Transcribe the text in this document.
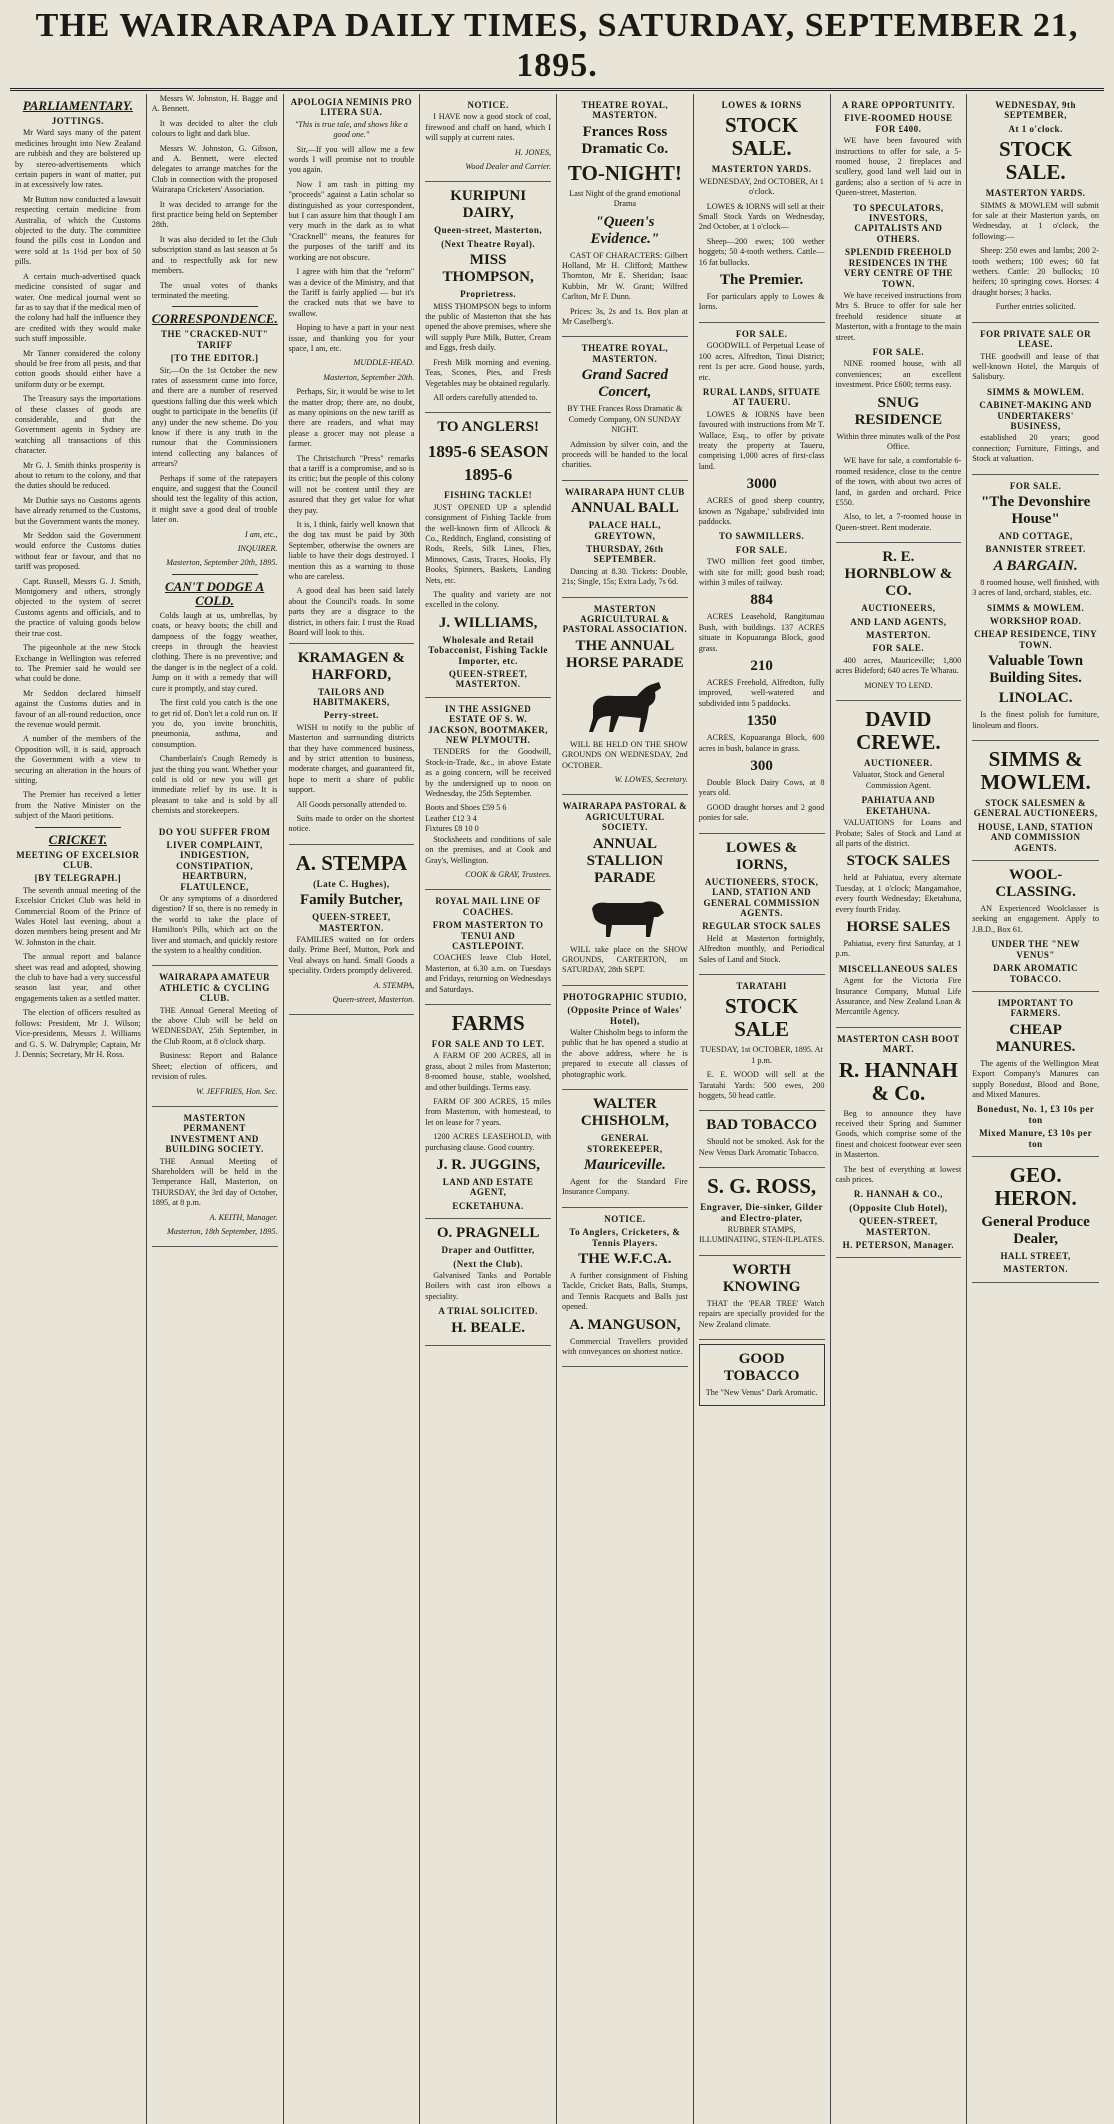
THE WAIRARAPA DAILY TIMES, SATURDAY, SEPTEMBER 21, 1895.
PARLIAMENTARY.
JOTTINGS.

Mr Ward says many of the patent medicines brought into New Zealand are rubbish and they are bolstered up by stereo-advertisements which certain papers in want of matter, put in at excessively low rates.

Mr Button now conducted a lawsuit respecting certain medicine from Australia, of which the Customs objected to the duty. The committee found the pills cost in London and were sold at 1s 1½d per box of 50 pills.

A certain much-advertised quack medicine consisted of sugar and water. One medical journal went so far as to say that if the medical men of the colony had half the influence they are credited with they would make such stuff impossible.

Mr Tanner considered the colony should be free from all pests, and that cotton goods should either have a uniform duty or be exempt.

The Treasury says the importations of these classes of goods are considerable, and that the Government agents in Sydney are watching all transactions of this character.

Mr G. J. Smith thinks prosperity is about to return to the colony, and that the duties should be reduced.

Mr Duthie says no Customs agents have already returned to the Customs, but the Government wants the money.

Mr Seddon said the Government would enforce the Customs duties without fear or favour, and that no tariff was proposed.

Capt. Russell, Messrs G. J. Smith, Montgomery and others, strongly objected to the system of secret Customs agents and officials, and to the practice of valuing goods below their true cost.

The pigeonhole at the new Stock Exchange in Wellington was referred to. The Premier said he would see what could be done.

Mr Seddon declared himself against the Customs duties and in favour of an all-round reduction, once the revenue would permit.

A number of the members of the Opposition will, it is said, approach the Government with a view to securing an alteration in the hours of sitting.

The Premier has received a letter from the Native Minister on the subject of the Maori petitions.

CRICKET.
MEETING OF EXCELSIOR CLUB.
[BY TELEGRAPH.]

The seventh annual meeting of the Excelsior Cricket Club was held in Commercial Room of the Prince of Wales Hotel last evening, about a dozen members being present and Mr W. Johnston in the chair.

The annual report and balance sheet was read and adopted, showing the club to have had a very successful season last year, and other engagements taken as a settled matter.

The election of officers resulted as follows: President, Mr J. Wilson; Vice-presidents, Messrs J. Williams and G. S. W. Dalrymple; Captain, Mr J. Dennis; Secretary, Mr H. Ross.

Messrs W. Johnston, H. Bagge and A. Bennett.

It was decided to alter the club colours to light and dark blue.

Messrs W. Johnston, G. Gibson, and A. Bennett, were elected delegates to arrange matches for the Club in connection with the proposed Wairarapa Cricketers' Association.

It was decided to arrange for the first practice being held on September 28th.

It was also decided to let the Club subscription stand as last season at 5s and to respectfully ask for new members.

The usual votes of thanks terminated the meeting.

CORRESPONDENCE.
THE "CRACKED-NUT" TARIFF
[TO THE EDITOR.]

Sir,—On the 1st October the new rates of assessment came into force, and there are a number of reserved questions falling due this week which ought to participate in the benefits (if any) under the new scheme. Do you know if there is any truth in the rumour that the Commissioners intend collecting any balances of arrears?

Perhaps if some of the ratepayers enquire, and suggest that the Council should test the legality of this action, it might save a good deal of trouble later on.

I am, etc.,
INQUIRER.
Masterton, September 20th, 1895.
CAN'T DODGE A COLD.

Colds laugh at us, umbrellas, by coats, or heavy boots; the chill and dampness of the foggy weather, creeps in through the heaviest clothing. There is no preventive; and the danger is in the neglect of a cold. Jump on it with a remedy that will cure it promptly, and stay cured.

The first cold you catch is the one to get rid of. Don't let a cold run on. If you do, you invite bronchitis, pneumonia, asthma, and consumption.

Chamberlain's Cough Remedy is just the thing you want. Whether your cold is old or new you will get immediate relief by its use. It is pleasant to take and is sold by all chemists and storekeepers.

DO YOU SUFFER FROM
LIVER COMPLAINT, INDIGESTION, CONSTIPATION, HEARTBURN, FLATULENCE,

Or any symptoms of a disordered digestion? If so, there is no remedy in the world to take the place of Hamilton's Pills, which act on the liver and stomach, and quickly restore the system to a healthy condition.

WAIRARAPA AMATEUR ATHLETIC & CYCLING CLUB.

THE Annual General Meeting of the above Club will be held on WEDNESDAY, 25th September, in the Club Room, at 8 o'clock sharp.

Business: Report and Balance Sheet; election of officers, and revision of rules.

W. JEFFRIES, Hon. Sec.
MASTERTON PERMANENT INVESTMENT AND BUILDING SOCIETY.

THE Annual Meeting of Shareholders will be held in the Temperance Hall, Masterton, on THURSDAY, the 3rd day of October, 1895, at 8 p.m.

A. KEITH, Manager.
Masterton, 18th September, 1895.
APOLOGIA NEMINIS PRO LITERA SUA.

"This is true tale, and shows like a good one."

Sir,—If you will allow me a few words I will promise not to trouble you again.

Now I am rash in pitting my "proceeds" against a Latin scholar so distinguished as your correspondent, but I can assure him that though I am very much in the dark as to what "Cracknell" means, the features for the purposes of the tariff and its working are not obscure.

I agree with him that the "reform" was a device of the Ministry, and that the Tariff is fairly applied — but it's the cracked nuts that we have to swallow.

Hoping to have a part in your next issue, and thanking you for your space, I am, etc.

MUDDLE-HEAD.
Masterton, September 20th.

Perhaps, Sir, it would be wise to let the matter drop; there are, no doubt, as many opinions on the new tariff as there are readers, and what may please a grocer may not please a farmer.

The Christchurch "Press" remarks that a tariff is a compromise, and so is its critic; but the people of this colony will not be content until they are assured that they get value for what they pay.

It is, I think, fairly well known that the dog tax must be paid by 30th September, otherwise the owners are liable to have their dogs destroyed. I mention this as a warning to those who are careless.

A good deal has been said lately about the Council's roads. In some parts they are a disgrace to the district, in others fair. I trust the Road Board will look to this.

KRAMAGEN & HARFORD,
TAILORS AND HABITMAKERS,
Perry-street.

WISH to notify to the public of Masterton and surrounding districts that they have commenced business, and by strict attention to business, moderate charges, and guaranteed fit, hope to merit a share of public support.

All Goods personally attended to.

Suits made to order on the shortest notice.

A. STEMPA
(Late C. Hughes),
Family Butcher,
QUEEN-STREET, MASTERTON.

FAMILIES waited on for orders daily. Prime Beef, Mutton, Pork and Veal always on hand. Small Goods a speciality. Orders promptly delivered.

A. STEMPA,
Queen-street, Masterton.
NOTICE.

I HAVE now a good stock of coal, firewood and chaff on hand, which I will supply at current rates.

H. JONES,
Wood Dealer and Carrier.
KURIPUNI DAIRY,
Queen-street, Masterton,
(Next Theatre Royal).
MISS THOMPSON,
Proprietress.

MISS THOMPSON begs to inform the public of Masterton that she has opened the above premises, where she will supply Pure Milk, Butter, Cream and Eggs, fresh daily.

Fresh Milk morning and evening. Teas, Scones, Pies, and Fresh Vegetables may be obtained regularly.

All orders carefully attended to.

TO ANGLERS!
1895-6 SEASON 1895-6
FISHING TACKLE!

JUST OPENED UP a splendid consignment of Fishing Tackle from the well-known firm of Allcock & Co., Redditch, England, consisting of Rods, Reels, Silk Lines, Flies, Minnows, Casts, Traces, Hooks, Fly Books, Spinners, Baskets, Landing Nets, etc.

The quality and variety are not excelled in the colony.

J. WILLIAMS,
Wholesale and Retail Tobacconist, Fishing Tackle Importer, etc.
QUEEN-STREET, MASTERTON.
IN THE ASSIGNED ESTATE OF S. W. JACKSON, BOOTMAKER, NEW PLYMOUTH.

TENDERS for the Goodwill, Stock-in-Trade, &c., in above Estate as a going concern, will be received by the undersigned up to noon on Wednesday, the 25th September.

Boots and Shoes £59 5 6
Leather £12 3 4
Fixtures £8 10 0

Stocksheets and conditions of sale on the premises, and at Cook and Gray's, Wellington.

COOK & GRAY, Trustees.
ROYAL MAIL LINE OF COACHES.
FROM MASTERTON TO TENUI AND CASTLEPOINT.

COACHES leave Club Hotel, Masterton, at 6.30 a.m. on Tuesdays and Fridays, returning on Wednesdays and Saturdays.

FARMS
FOR SALE AND TO LET.

A FARM OF 200 ACRES, all in grass, about 2 miles from Masterton; 8-roomed house, stable, woolshed, and other buildings. Terms easy.

FARM OF 300 ACRES, 15 miles from Masterton, with homestead, to let on lease for 7 years.

1200 ACRES LEASEHOLD, with purchasing clause. Good country.

J. R. JUGGINS,
LAND AND ESTATE AGENT,
ECKETAHUNA.
O. PRAGNELL
Draper and Outfitter,
(Next the Club).

Galvanised Tanks and Portable Boilers with cast iron elbows a speciality.

A TRIAL SOLICITED.
H. BEALE.
THEATRE ROYAL, MASTERTON.
Frances Ross Dramatic Co.
TO-NIGHT!

Last Night of the grand emotional Drama

"Queen's Evidence."

CAST OF CHARACTERS: Gilbert Holland, Mr H. Clifford; Matthew Thornton, Mr E. Sheridan; Isaac Kubbin, Mr W. Grant; Wilfred Carlton, Mr F. Dunn.

Prices: 3s, 2s and 1s. Box plan at Mr Caselberg's.

THEATRE ROYAL, MASTERTON.
Grand Sacred Concert,

BY THE Frances Ross Dramatic & Comedy Company, ON SUNDAY NIGHT.

Admission by silver coin, and the proceeds will be handed to the local charities.

WAIRARAPA HUNT CLUB
ANNUAL BALL
PALACE HALL, GREYTOWN,
THURSDAY, 26th SEPTEMBER.

Dancing at 8.30. Tickets: Double, 21s; Single, 15s; Extra Lady, 7s 6d.

MASTERTON AGRICULTURAL & PASTORAL ASSOCIATION.
THE ANNUAL HORSE PARADE

WILL BE HELD ON THE SHOW GROUNDS ON WEDNESDAY, 2nd OCTOBER.

W. LOWES, Secretary.
WAIRARAPA PASTORAL & AGRICULTURAL SOCIETY.
ANNUAL STALLION PARADE

WILL take place on the SHOW GROUNDS, CARTERTON, on SATURDAY, 28th SEPT.

PHOTOGRAPHIC STUDIO,
(Opposite Prince of Wales' Hotel),

Walter Chisholm begs to inform the public that he has opened a studio at the above address, where he is prepared to execute all classes of photographic work.

WALTER CHISHOLM,
GENERAL STOREKEEPER,
Mauriceville.

Agent for the Standard Fire Insurance Company.

NOTICE.
To Anglers, Cricketers, & Tennis Players.
THE W.F.C.A.

A further consignment of Fishing Tackle, Cricket Bats, Balls, Stumps, and Tennis Racquets and Balls just opened.

A. MANGUSON,

Commercial Travellers provided with conveyances on shortest notice.

LOWES & IORNS
STOCK SALE.
MASTERTON YARDS.

WEDNESDAY, 2nd OCTOBER, At 1 o'clock.

LOWES & IORNS will sell at their Small Stock Yards on Wednesday, 2nd October, at 1 o'clock—

Sheep—200 ewes; 100 wether hoggets; 50 4-tooth wethers. Cattle—16 fat bullocks.

The Premier.

For particulars apply to Lowes & Iorns.

FOR SALE.

GOODWILL of Perpetual Lease of 100 acres, Alfredton, Tinui District; rent 1s per acre. Good house, yards, etc.

RURAL LANDS, SITUATE AT TAUERU.

LOWES & IORNS have been favoured with instructions from Mr T. Wallace, Esq., to offer by private treaty the property at Taueru, comprising 1,000 acres of first-class land.

3000

ACRES of good sheep country, known as 'Ngahape,' subdivided into paddocks.

TO SAWMILLERS.
FOR SALE.

TWO million feet good timber, with site for mill; good bush road; within 3 miles of railway.

884

ACRES Leasehold, Rangitumau Bush, with buildings. 137 ACRES situate in Kopuaranga Block, good grass.

210

ACRES Freehold, Alfredton, fully improved, well-watered and subdivided into 5 paddocks.

1350

ACRES, Kopuaranga Block, 600 acres in bush, balance in grass.

300

Double Block Dairy Cows, at 8 years old.

GOOD draught horses and 2 good ponies for sale.

LOWES & IORNS,
AUCTIONEERS, STOCK, LAND, STATION AND GENERAL COMMISSION AGENTS.
REGULAR STOCK SALES

Held at Masterton fortnightly, Alfredton monthly, and Periodical Sales of Land and Stock.

TARATAHI
STOCK SALE

TUESDAY, 1st OCTOBER, 1895. At 1 p.m.

E. E. WOOD will sell at the Taratahi Yards: 500 ewes, 200 hoggets, 50 head cattle.

BAD TOBACCO

Should not be smoked. Ask for the New Venus Dark Aromatic Tobacco.

S. G. ROSS,
Engraver, Die-sinker, Gilder and Electro-plater,

RUBBER STAMPS, ILLUMINATING, STEN-ILPLATES.

WORTH KNOWING

THAT the 'PEAR TREE' Watch repairs are specially provided for the New Zealand climate.

GOOD TOBACCO

The "New Venus" Dark Aromatic.

A RARE OPPORTUNITY.
FIVE-ROOMED HOUSE FOR £400.

WE have been favoured with instructions to offer for sale, a 5-roomed house, 2 fireplaces and scullery, good land well laid out in gardens; also a section of ¼ acre in Queen-street, Masterton.

TO SPECULATORS, INVESTORS, CAPITALISTS AND OTHERS.
SPLENDID FREEHOLD RESIDENCES IN THE VERY CENTRE OF THE TOWN.

We have received instructions from Mrs S. Bruce to offer for sale her freehold residence situate at Masterton, with a frontage to the main street.

FOR SALE.

NINE roomed house, with all conveniences; an excellent investment. Price £600; terms easy.

SNUG RESIDENCE

Within three minutes walk of the Post Office.

WE have for sale, a comfortable 6-roomed residence, close to the centre of the town, with about two acres of land, in garden and orchard. Price £550.

Also, to let, a 7-roomed house in Queen-street. Rent moderate.

R. E. HORNBLOW & CO.
AUCTIONEERS,
AND LAND AGENTS,
MASTERTON.
FOR SALE.

400 acres, Mauriceville; 1,800 acres Bideford; 640 acres Te Wharau.

MONEY TO LEND.

DAVID CREWE.
AUCTIONEER.

Valuator, Stock and General Commission Agent.

PAHIATUA AND EKETAHUNA.

VALUATIONS for Loans and Probate; Sales of Stock and Land at all parts of the district.

STOCK SALES

held at Pahiatua, every alternate Tuesday, at 1 o'clock; Mangamahoe, every fourth Wednesday; Eketahuna, every fourth Friday.

HORSE SALES

Pahiatua, every first Saturday, at 1 p.m.

MISCELLANEOUS SALES

Agent for the Victoria Fire Insurance Company, Mutual Life Assurance, and New Zealand Loan & Mercantile Agency.

MASTERTON CASH BOOT MART.
R. HANNAH & Co.

Beg to announce they have received their Spring and Summer Goods, which comprise some of the finest and choicest footwear ever seen in Masterton.

The best of everything at lowest cash prices.

R. HANNAH & CO.,
(Opposite Club Hotel),
QUEEN-STREET, MASTERTON.
H. PETERSON, Manager.
WEDNESDAY, 9th SEPTEMBER,
At 1 o'clock.
STOCK SALE.
MASTERTON YARDS.

SIMMS & MOWLEM will submit for sale at their Masterton yards, on Wednesday, at 1 o'clock, the following:—

Sheep: 250 ewes and lambs; 200 2-tooth wethers; 100 ewes; 60 fat wethers. Cattle: 20 bullocks; 10 heifers; 10 springing cows. Horses: 4 draught horses; 3 hacks.

Further entries solicited.

FOR PRIVATE SALE OR LEASE.

THE goodwill and lease of that well-known Hotel, the Marquis of Salisbury.

SIMMS & MOWLEM.
CABINET-MAKING AND UNDERTAKERS' BUSINESS,

established 20 years; good connection; Furniture, Fittings, and Stock at valuation.

FOR SALE.
"The Devonshire House"
AND COTTAGE,
BANNISTER STREET.
A BARGAIN.

8 roomed house, well finished, with 3 acres of land, orchard, stables, etc.

SIMMS & MOWLEM.
WORKSHOP ROAD.
CHEAP RESIDENCE, TINY TOWN.
Valuable Town Building Sites.
LINOLAC.

Is the finest polish for furniture, linoleum and floors.

SIMMS & MOWLEM.
STOCK SALESMEN & GENERAL AUCTIONEERS,
HOUSE, LAND, STATION AND COMMISSION AGENTS.
WOOL-CLASSING.

AN Experienced Woolclasser is seeking an engagement. Apply to J.B.D., Box 61.

UNDER THE "NEW VENUS"
DARK AROMATIC TOBACCO.
IMPORTANT TO FARMERS.
CHEAP MANURES.

The agents of the Wellington Meat Export Company's Manures can supply Bonedust, Blood and Bone, and Mixed Manures.

Bonedust, No. 1, £3 10s per ton
Mixed Manure, £3 10s per ton
GEO. HERON.
General Produce Dealer,
HALL STREET,
MASTERTON.
